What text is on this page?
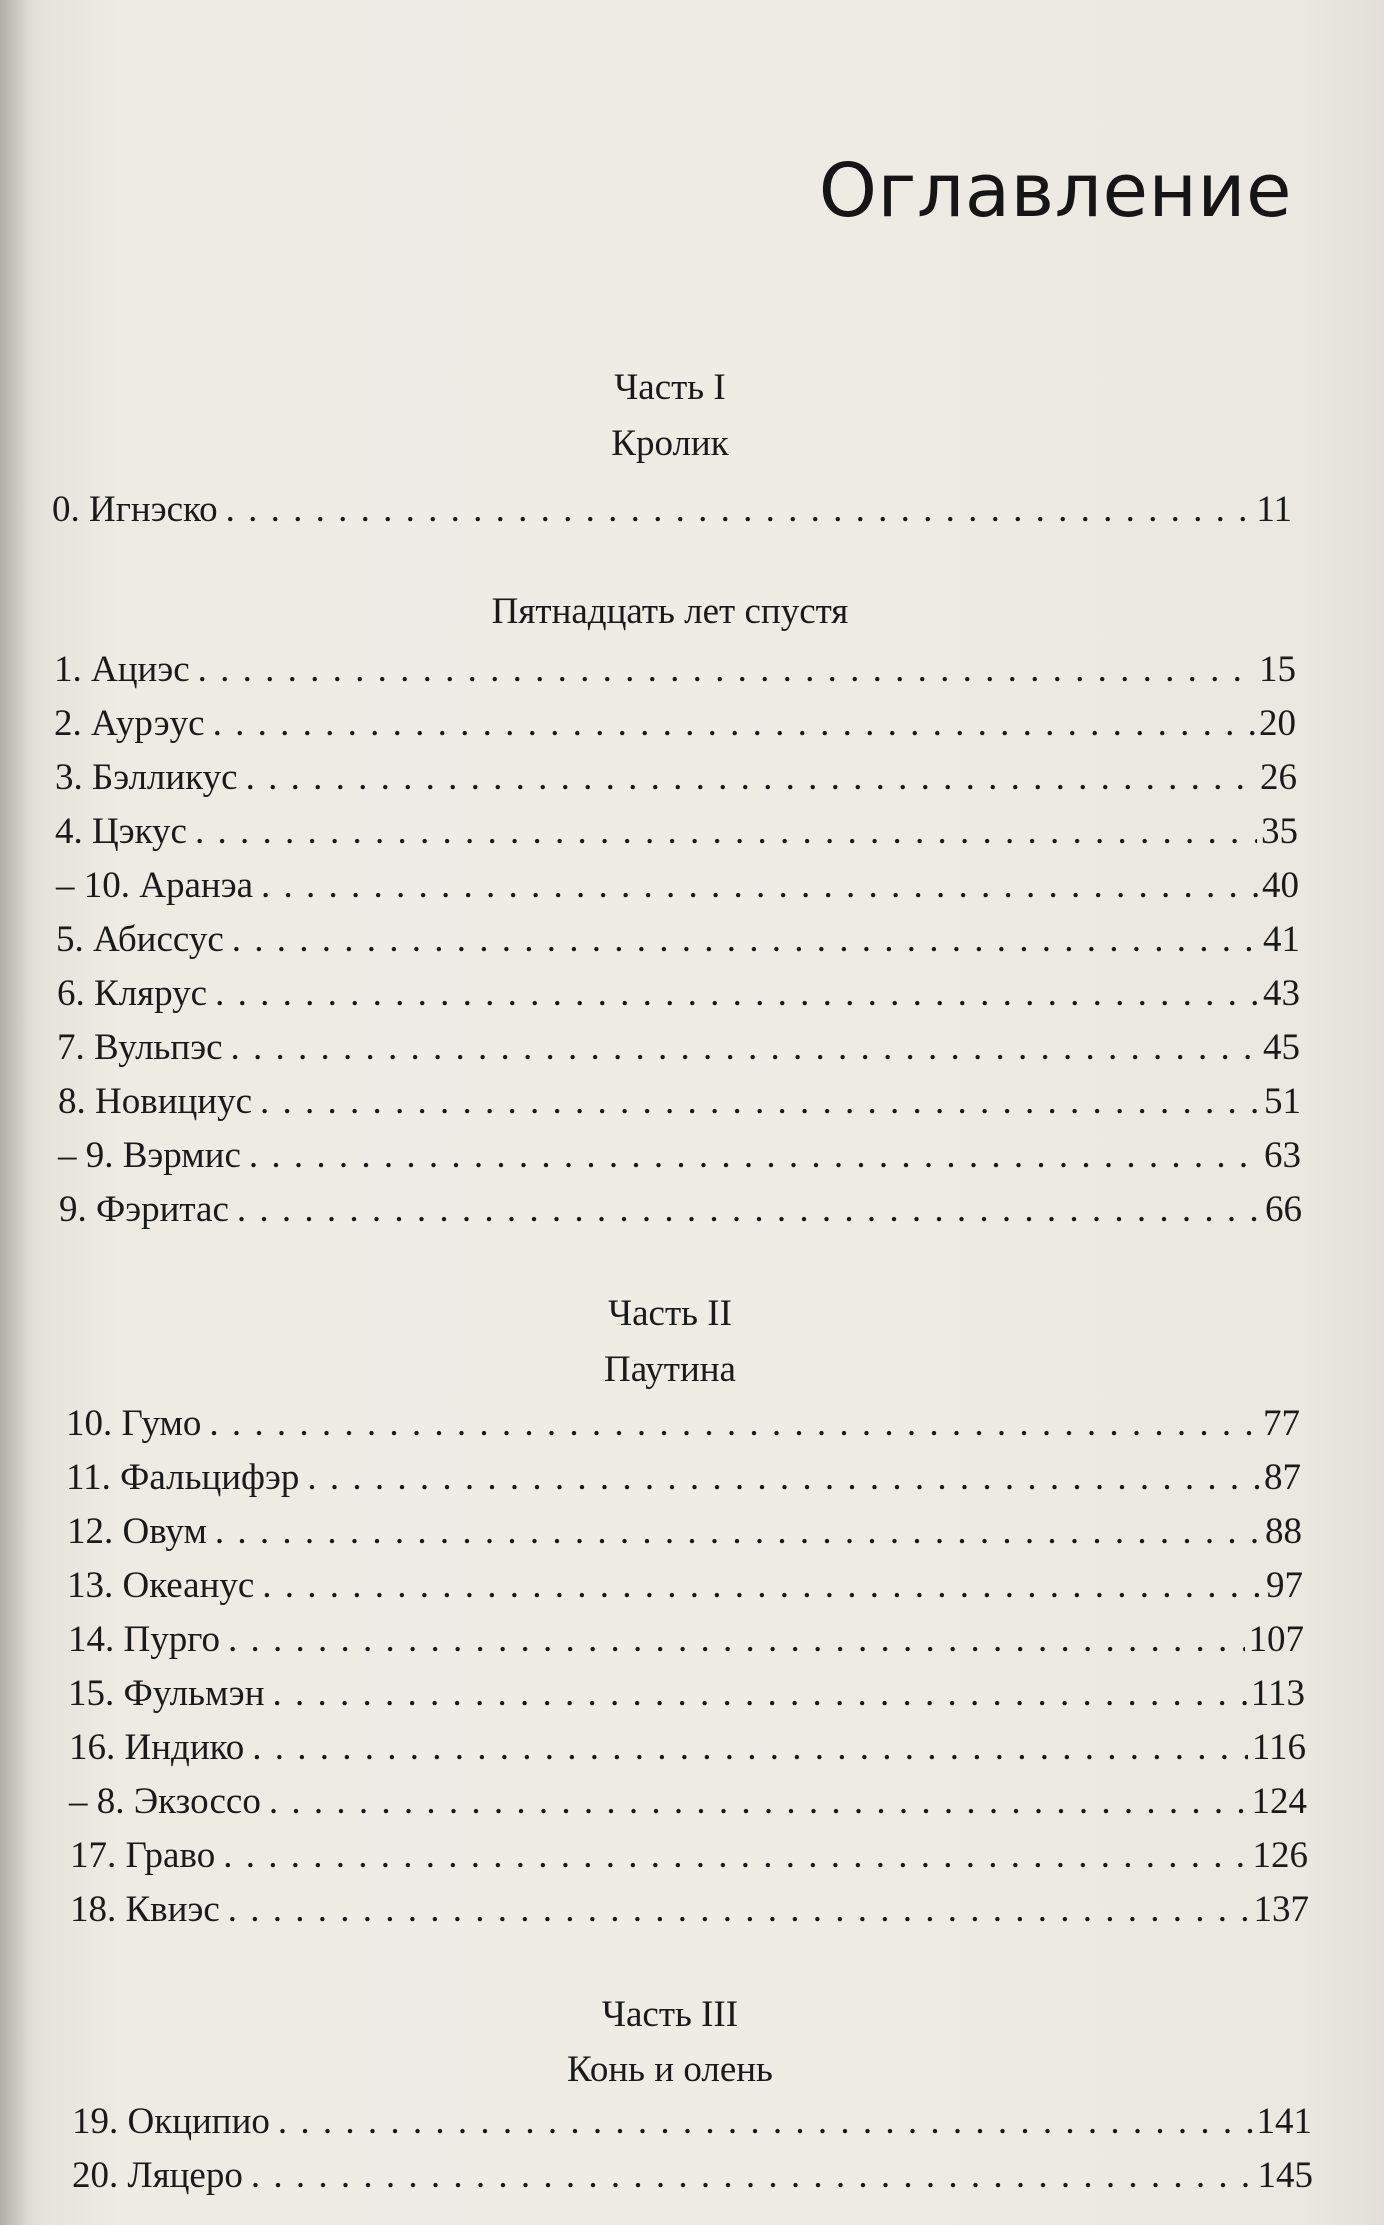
Оглавление
Часть I
Кролик
Пятнадцать лет спустя
Часть II
Паутина
Часть III
Конь и олень
0. Игнэско . . .	11
1. Ациэс . . .	15
2. Аурэус . . .	20
3. Бэлликус . . .	26
4. Цэкус . . .	35
– 10. Аранэа . . .	40
5. Абиссус . . .	41
6. Клярус . . .	43
7. Вульпэс . . .	45
8. Новициус . . .	51
– 9. Вэрмис . . .	63
9. Фэритас . . .	66
10. Гумо . . .	77
11. Фальцифэр . . .	87
12. Овум . . .	88
13. Океанус . . .	97
14. Пурго . . .	107
15. Фульмэн . . .	113
16. Индико . . .	116
– 8. Экзоссо . . .	124
17. Граво . . .	126
18. Квиэс . . .	137
19. Окципио . . .	141
20. Ляцеро . . .	145
